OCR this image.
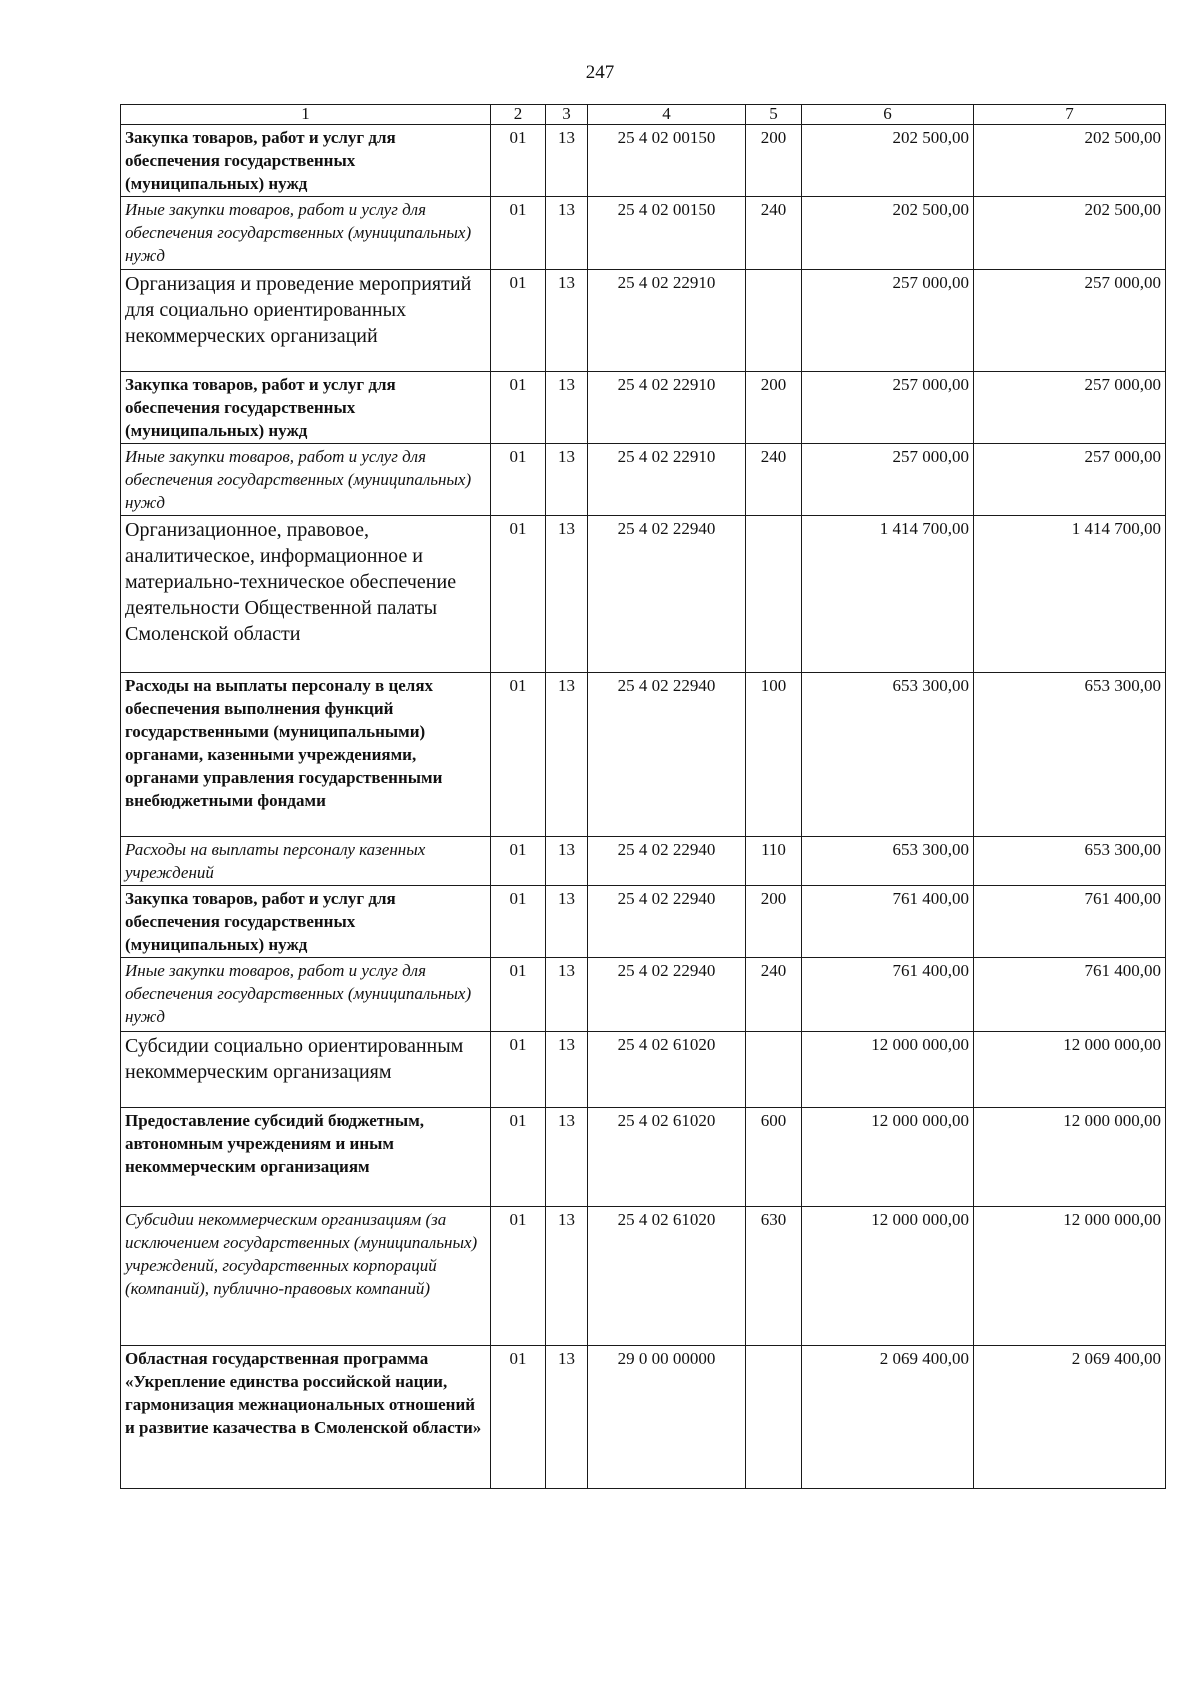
247
1	2	3	4	5	6	7
Закупка товаров, работ и услуг для обеспечения государственных (муниципальных) нужд	01	13	25 4 02 00150	200	202 500,00	202 500,00
Иные закупки товаров, работ и услуг для обеспечения государственных (муниципальных) нужд	01	13	25 4 02 00150	240	202 500,00	202 500,00
Организация и проведение мероприятий для социально ориентированных некоммерческих организаций	01	13	25 4 02 22910		257 000,00	257 000,00
Закупка товаров, работ и услуг для обеспечения государственных (муниципальных) нужд	01	13	25 4 02 22910	200	257 000,00	257 000,00
Иные закупки товаров, работ и услуг для обеспечения государственных (муниципальных) нужд	01	13	25 4 02 22910	240	257 000,00	257 000,00
Организационное, правовое, аналитическое, информационное и материально-техническое обеспечение деятельности Общественной палаты Смоленской области	01	13	25 4 02 22940		1 414 700,00	1 414 700,00
Расходы на выплаты персоналу в целях обеспечения выполнения функций государственными (муниципальными) органами, казенными учреждениями, органами управления государственными внебюджетными фондами	01	13	25 4 02 22940	100	653 300,00	653 300,00
Расходы на выплаты персоналу казенных учреждений	01	13	25 4 02 22940	110	653 300,00	653 300,00
Закупка товаров, работ и услуг для обеспечения государственных (муниципальных) нужд	01	13	25 4 02 22940	200	761 400,00	761 400,00
Иные закупки товаров, работ и услуг для обеспечения государственных (муниципальных) нужд	01	13	25 4 02 22940	240	761 400,00	761 400,00
Субсидии социально ориентированным некоммерческим организациям	01	13	25 4 02 61020		12 000 000,00	12 000 000,00
Предоставление субсидий бюджетным, автономным учреждениям и иным некоммерческим организациям	01	13	25 4 02 61020	600	12 000 000,00	12 000 000,00
Субсидии некоммерческим организациям (за исключением государственных (муниципальных) учреждений, государственных корпораций (компаний), публично-правовых компаний)	01	13	25 4 02 61020	630	12 000 000,00	12 000 000,00
Областная государственная программа «Укрепление единства российской нации, гармонизация межнациональных отношений и развитие казачества в Смоленской области»	01	13	29 0 00 00000		2 069 400,00	2 069 400,00
